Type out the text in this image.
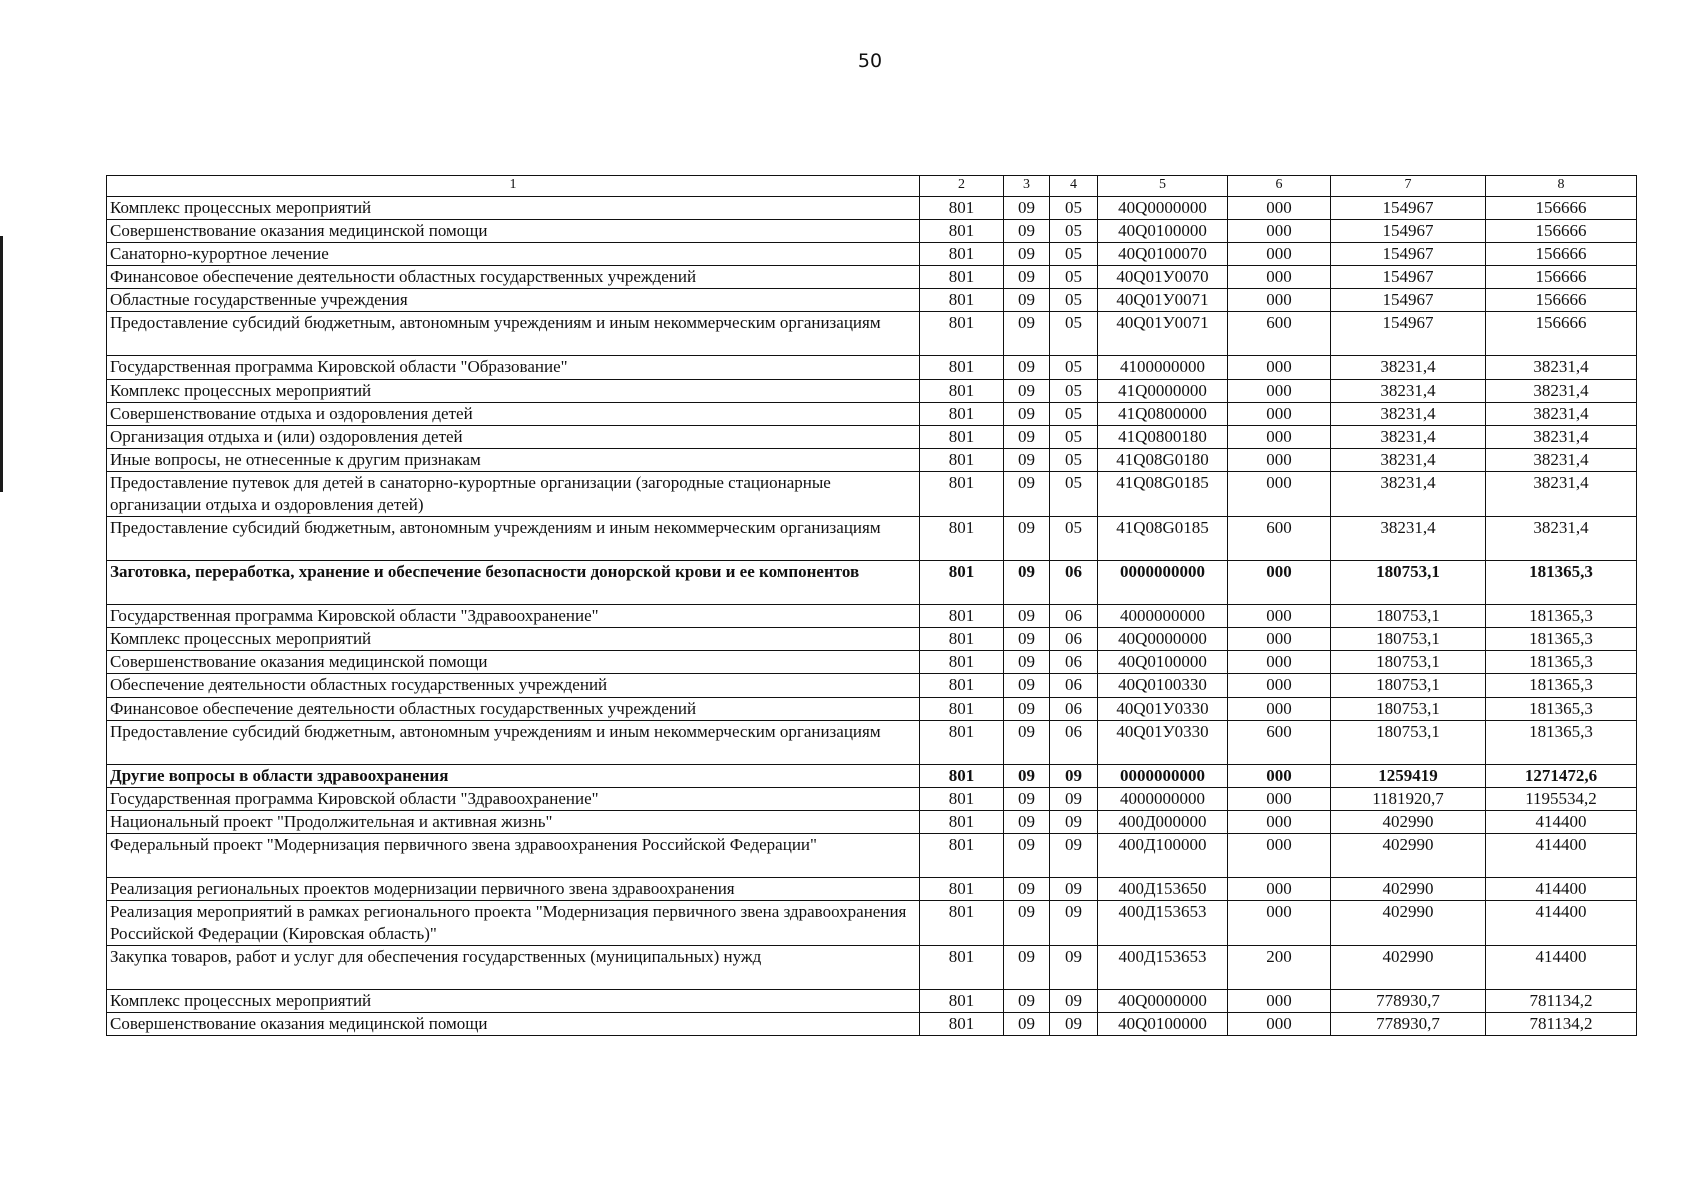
50
1	2	3	4	5	6	7	8
Комплекс процессных мероприятий	801	09	05	40Q0000000	000	154967	156666
Совершенствование оказания медицинской помощи	801	09	05	40Q0100000	000	154967	156666
Санаторно-курортное лечение	801	09	05	40Q0100070	000	154967	156666
Финансовое обеспечение деятельности областных государственных учреждений	801	09	05	40Q01У0070	000	154967	156666
Областные государственные учреждения	801	09	05	40Q01У0071	000	154967	156666
Предоставление субсидий бюджетным, автономным учреждениям и иным некоммерческим организациям	801	09	05	40Q01У0071	600	154967	156666
Государственная программа Кировской области "Образование"	801	09	05	4100000000	000	38231,4	38231,4
Комплекс процессных мероприятий	801	09	05	41Q0000000	000	38231,4	38231,4
Совершенствование отдыха и оздоровления детей	801	09	05	41Q0800000	000	38231,4	38231,4
Организация отдыха и (или) оздоровления детей	801	09	05	41Q0800180	000	38231,4	38231,4
Иные вопросы, не отнесенные к другим признакам	801	09	05	41Q08G0180	000	38231,4	38231,4
Предоставление путевок для детей в санаторно-курортные организации (загородные стационарные организации отдыха и оздоровления детей)	801	09	05	41Q08G0185	000	38231,4	38231,4
Предоставление субсидий бюджетным, автономным учреждениям и иным некоммерческим организациям	801	09	05	41Q08G0185	600	38231,4	38231,4
Заготовка, переработка, хранение и обеспечение безопасности донорской крови и ее компонентов	801	09	06	0000000000	000	180753,1	181365,3
Государственная программа Кировской области "Здравоохранение"	801	09	06	4000000000	000	180753,1	181365,3
Комплекс процессных мероприятий	801	09	06	40Q0000000	000	180753,1	181365,3
Совершенствование оказания медицинской помощи	801	09	06	40Q0100000	000	180753,1	181365,3
Обеспечение деятельности областных государственных учреждений	801	09	06	40Q0100330	000	180753,1	181365,3
Финансовое обеспечение деятельности областных государственных учреждений	801	09	06	40Q01У0330	000	180753,1	181365,3
Предоставление субсидий бюджетным, автономным учреждениям и иным некоммерческим организациям	801	09	06	40Q01У0330	600	180753,1	181365,3
Другие вопросы в области здравоохранения	801	09	09	0000000000	000	1259419	1271472,6
Государственная программа Кировской области "Здравоохранение"	801	09	09	4000000000	000	1181920,7	1195534,2
Национальный проект "Продолжительная и активная жизнь"	801	09	09	400Д000000	000	402990	414400
Федеральный проект "Модернизация первичного звена здравоохранения Российской Федерации"	801	09	09	400Д100000	000	402990	414400
Реализация региональных проектов модернизации первичного звена здравоохранения	801	09	09	400Д153650	000	402990	414400
Реализация мероприятий в рамках регионального проекта "Модернизация первичного звена здравоохранения Российской Федерации (Кировская область)"	801	09	09	400Д153653	000	402990	414400
Закупка товаров, работ и услуг для обеспечения государственных (муниципальных) нужд	801	09	09	400Д153653	200	402990	414400
Комплекс процессных мероприятий	801	09	09	40Q0000000	000	778930,7	781134,2
Совершенствование оказания медицинской помощи	801	09	09	40Q0100000	000	778930,7	781134,2
